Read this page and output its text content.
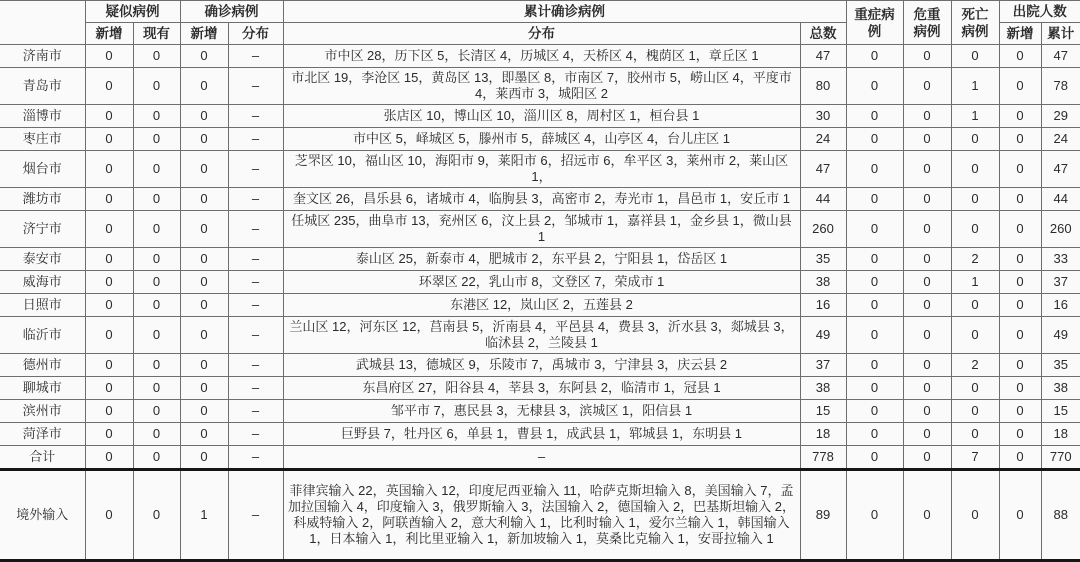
	疑似病例		确诊病例		累计确诊病例		重症病例	危重病例	死亡病例	出院人数	
	新增	现有	新增	分布	分布	总数				新增	累计
济南市	0	0	0	–	市中区 28，历下区 5，长清区 4，历城区 4，天桥区 4，槐荫区 1，章丘区 1	47	0	0	0	0	47
青岛市	0	0	0	–	市北区 19，李沧区 15，黄岛区 13，即墨区 8，市南区 7，胶州市 5，崂山区 4，平度市 4，莱西市 3，城阳区 2	80	0	0	1	0	78
淄博市	0	0	0	–	张店区 10，博山区 10，淄川区 8，周村区 1，桓台县 1	30	0	0	1	0	29
枣庄市	0	0	0	–	市中区 5，峄城区 5，滕州市 5，薛城区 4，山亭区 4，台儿庄区 1	24	0	0	0	0	24
烟台市	0	0	0	–	芝罘区 10，福山区 10，海阳市 9，莱阳市 6，招远市 6，牟平区 3，莱州市 2，莱山区 1，	47	0	0	0	0	47
潍坊市	0	0	0	–	奎文区 26，昌乐县 6，诸城市 4，临朐县 3，高密市 2，寿光市 1，昌邑市 1，安丘市 1	44	0	0	0	0	44
济宁市	0	0	0	–	任城区 235，曲阜市 13，兖州区 6，汶上县 2，邹城市 1，嘉祥县 1，金乡县 1，微山县 1	260	0	0	0	0	260
泰安市	0	0	0	–	泰山区 25，新泰市 4，肥城市 2，东平县 2，宁阳县 1，岱岳区 1	35	0	0	2	0	33
威海市	0	0	0	–	环翠区 22，乳山市 8，文登区 7，荣成市 1	38	0	0	1	0	37
日照市	0	0	0	–	东港区 12，岚山区 2，五莲县 2	16	0	0	0	0	16
临沂市	0	0	0	–	兰山区 12，河东区 12，莒南县 5，沂南县 4，平邑县 4，费县 3，沂水县 3，郯城县 3，临沭县 2，兰陵县 1	49	0	0	0	0	49
德州市	0	0	0	–	武城县 13，德城区 9，乐陵市 7，禹城市 3，宁津县 3，庆云县 2	37	0	0	2	0	35
聊城市	0	0	0	–	东昌府区 27，阳谷县 4，莘县 3，东阿县 2，临清市 1，冠县 1	38	0	0	0	0	38
滨州市	0	0	0	–	邹平市 7，惠民县 3，无棣县 3，滨城区 1，阳信县 1	15	0	0	0	0	15
菏泽市	0	0	0	–	巨野县 7，牡丹区 6，单县 1，曹县 1，成武县 1，郓城县 1，东明县 1	18	0	0	0	0	18
合计	0	0	0	–	–	778	0	0	7	0	770
境外输入	0	0	1	–	菲律宾输入 22，英国输入 12，印度尼西亚输入 11，哈萨克斯坦输入 8，美国输入 7，孟加拉国输入 4，印度输入 3，俄罗斯输入 3，法国输入 2，德国输入 2，巴基斯坦输入 2，科威特输入 2，阿联酋输入 2，意大利输入 1，比利时输入 1，爱尔兰输入 1，韩国输入 1，日本输入 1，利比里亚输入 1，新加坡输入 1，莫桑比克输入 1，安哥拉输入 1	89	0	0	0	0	88
